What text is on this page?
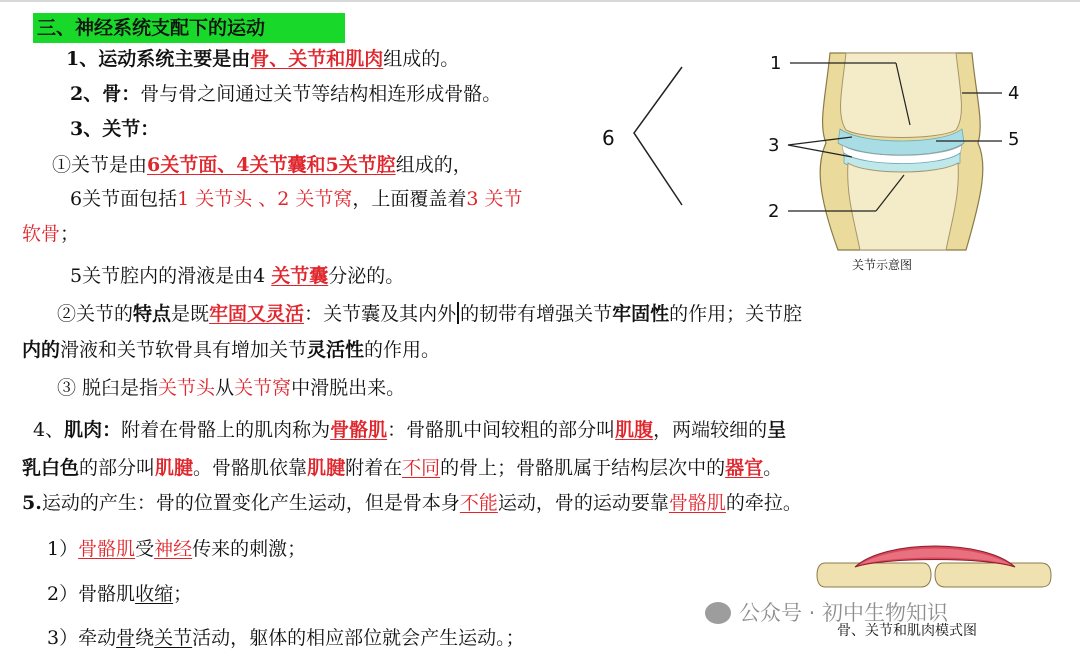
三、神经系统支配下的运动
1、运动系统主要是由骨、关节和肌肉组成的。
2、骨：骨与骨之间通过关节等结构相连形成骨骼。
3、关节：
①关节是由6关节面、4关节囊和5关节腔组成的，
6关节面包括1 关节头 、2 关节窝，上面覆盖着3 关节
软骨；
5关节腔内的滑液是由4 关节囊分泌的。
②关节的特点是既牢固又灵活：关节囊及其内外 的韧带有增强关节牢固性的作用；关节腔
内的滑液和关节软骨具有增加关节灵活性的作用。
③ 脱臼是指关节头从关节窝中滑脱出来。
4、肌肉：附着在骨骼上的肌肉称为骨骼肌：骨骼肌中间较粗的部分叫肌腹，两端较细的呈
乳白色的部分叫肌腱。骨骼肌依靠肌腱附着在不同的骨上；骨骼肌属于结构层次中的器官。
5.运动的产生：骨的位置变化产生运动，但是骨本身不能运动，骨的运动要靠骨骼肌的牵拉。
1）骨骼肌受神经传来的刺激；
2）骨骼肌收缩；
3）牵动骨绕关节活动，躯体的相应部位就会产生运动。；
6
1
4
5
3
2
关节示意图
骨、关节和肌肉模式图
公众号 · 初中生物知识
